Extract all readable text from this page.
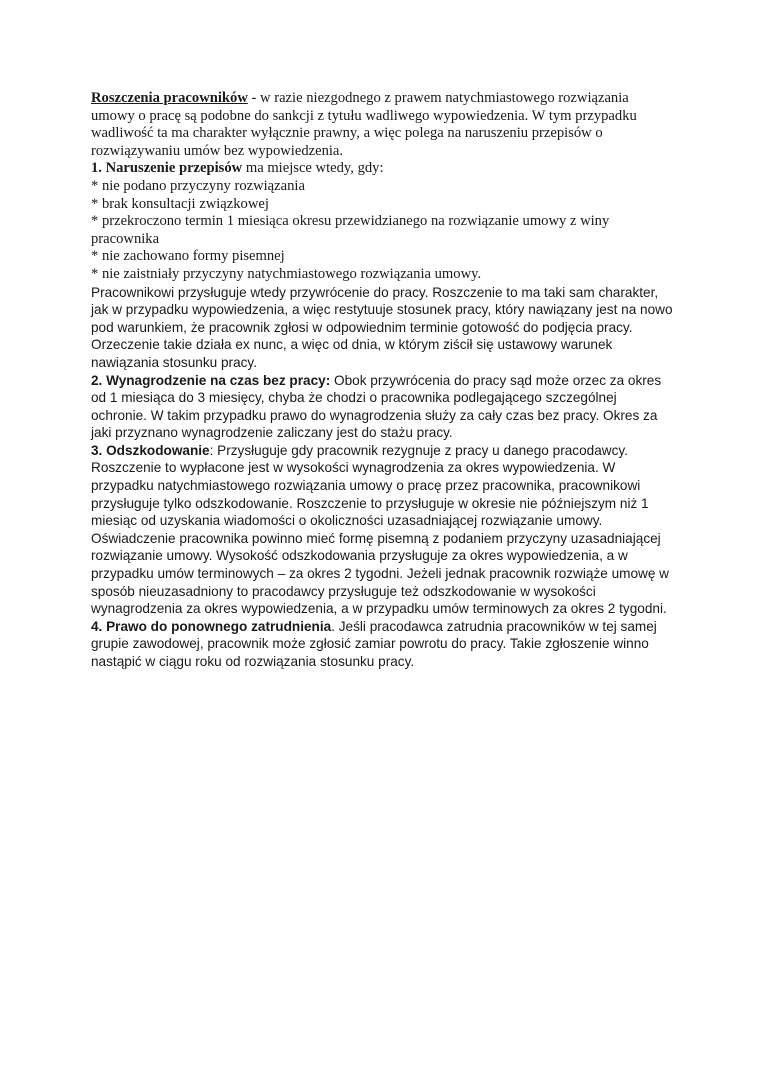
Roszczenia pracowników - w razie niezgodnego z prawem natychmiastowego rozwiązania umowy o pracę są podobne do sankcji z tytułu wadliwego wypowiedzenia. W tym przypadku wadliwość ta ma charakter wyłącznie prawny, a więc polega na naruszeniu przepisów o rozwiązywaniu umów bez wypowiedzenia.

1. Naruszenie przepisów ma miejsce wtedy, gdy:

* nie podano przyczyny rozwiązania

* brak konsultacji związkowej

* przekroczono termin 1 miesiąca okresu przewidzianego na rozwiązanie umowy z winy pracownika

* nie zachowano formy pisemnej

* nie zaistniały przyczyny natychmiastowego rozwiązania umowy.

Pracownikowi przysługuje wtedy przywrócenie do pracy. Roszczenie to ma taki sam charakter, jak w przypadku wypowiedzenia, a więc restytuuje stosunek pracy, który nawiązany jest na nowo pod warunkiem, że pracownik zgłosi w odpowiednim terminie gotowość do podjęcia pracy. Orzeczenie takie działa ex nunc, a więc od dnia, w którym ziścił się ustawowy warunek nawiązania stosunku pracy.

2. Wynagrodzenie na czas bez pracy: Obok przywrócenia do pracy sąd może orzec za okres od 1 miesiąca do 3 miesięcy, chyba że chodzi o pracownika podlegającego szczególnej ochronie. W takim przypadku prawo do wynagrodzenia służy za cały czas bez pracy. Okres za jaki przyznano wynagrodzenie zaliczany jest do stażu pracy.

3. Odszkodowanie: Przysługuje gdy pracownik rezygnuje z pracy u danego pracodawcy. Roszczenie to wypłacone jest w wysokości wynagrodzenia za okres wypowiedzenia. W przypadku natychmiastowego rozwiązania umowy o pracę przez pracownika, pracownikowi przysługuje tylko odszkodowanie. Roszczenie to przysługuje w okresie nie późniejszym niż 1 miesiąc od uzyskania wiadomości o okoliczności uzasadniającej rozwiązanie umowy. Oświadczenie pracownika powinno mieć formę pisemną z podaniem przyczyny uzasadniającej rozwiązanie umowy. Wysokość odszkodowania przysługuje za okres wypowiedzenia, a w przypadku umów terminowych – za okres 2 tygodni. Jeżeli jednak pracownik rozwiąże umowę w sposób nieuzasadniony to pracodawcy przysługuje też odszkodowanie w wysokości wynagrodzenia za okres wypowiedzenia, a w przypadku umów terminowych za okres 2 tygodni.

4. Prawo do ponownego zatrudnienia. Jeśli pracodawca zatrudnia pracowników w tej samej grupie zawodowej, pracownik może zgłosić zamiar powrotu do pracy. Takie zgłoszenie winno nastąpić w ciągu roku od rozwiązania stosunku pracy.
